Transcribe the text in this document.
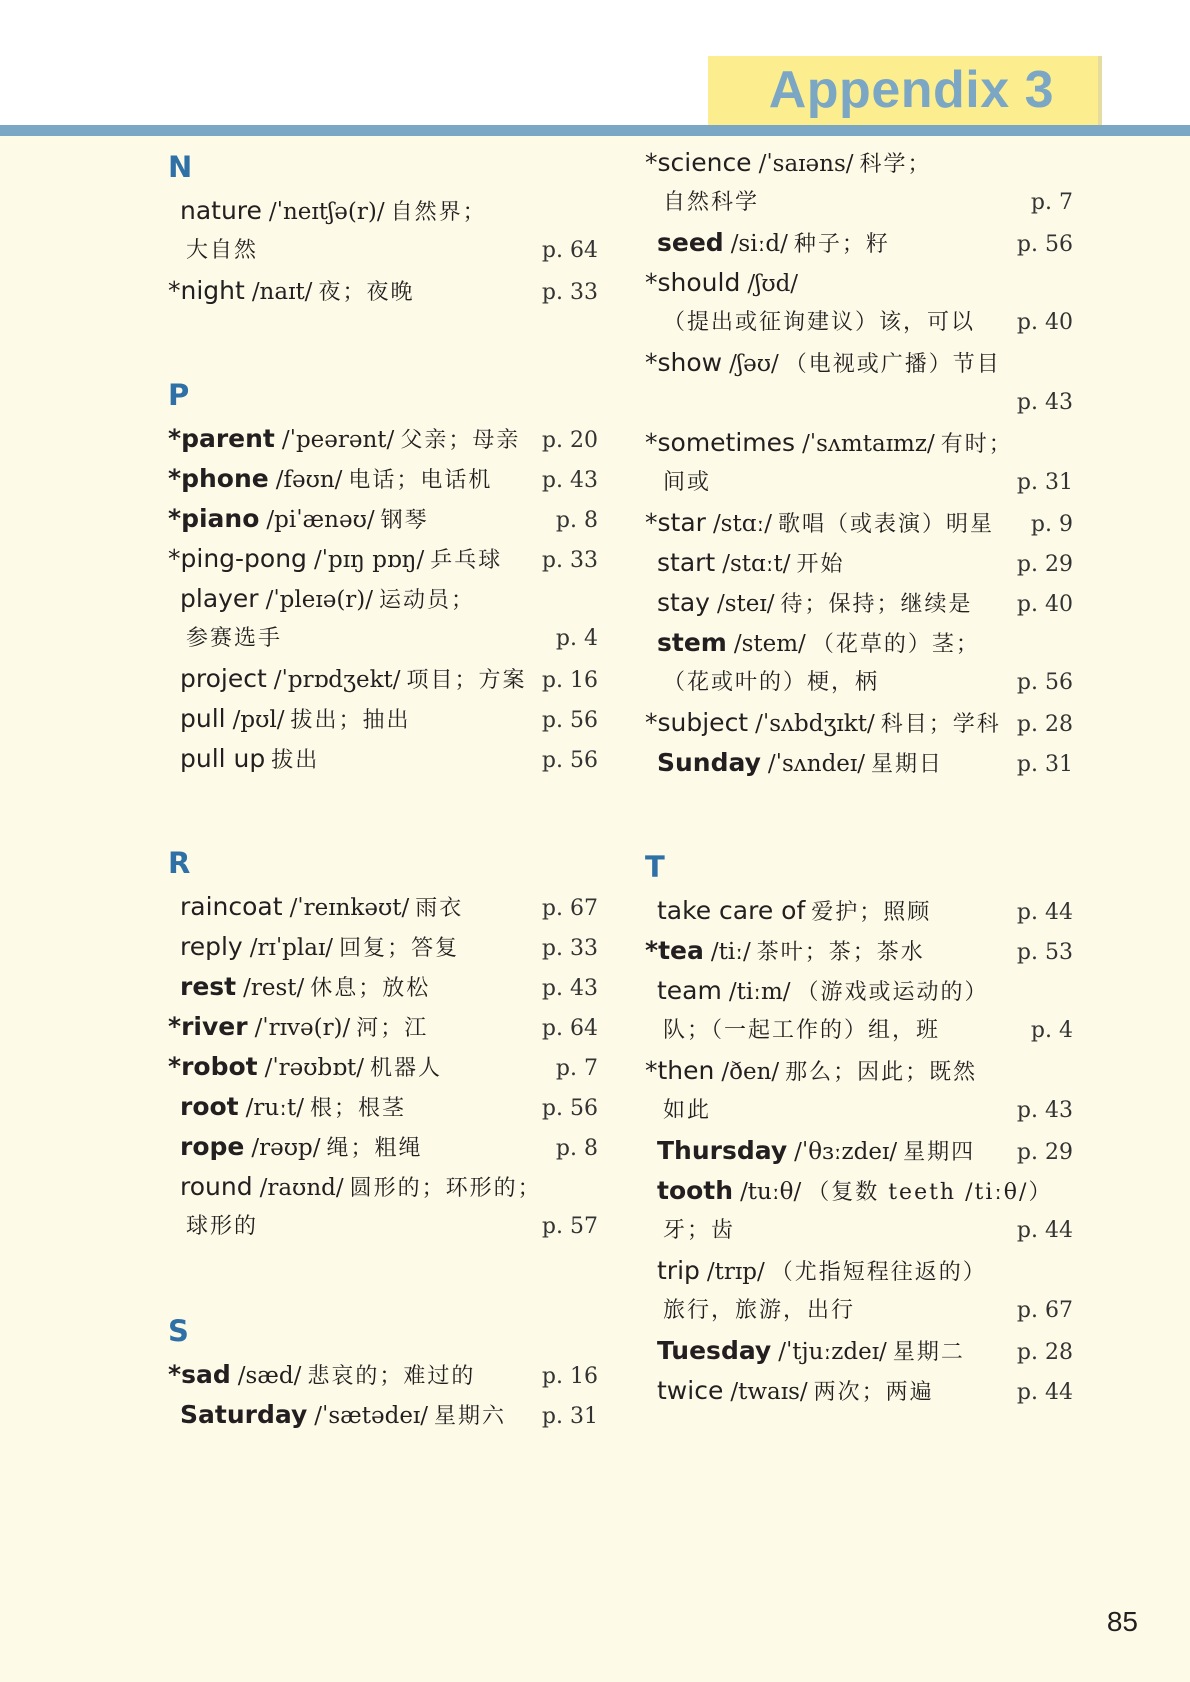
Appendix 3
N
nature /ˈneɪtʃə(r)/ 自然界；
大自然	p. 64
*night /naɪt/ 夜；夜晚	p. 33
P
*parent /ˈpeərənt/ 父亲；母亲 p. 20
*phone /fəʊn/ 电话；电话机 p. 43
*piano /piˈænəʊ/ 钢琴	p. 8
*ping-pong /ˈpɪŋ pɒŋ/ 乒乓球 p. 33
player /ˈpleɪə(r)/ 运动员；
参赛选手	p. 4
project /ˈprɒdʒekt/ 项目；方案 p. 16
pull /pʊl/ 拔出；抽出	p. 56
pull up 拔出	p. 56
R
raincoat /ˈreɪnkəʊt/ 雨衣	p. 67
reply /rɪˈplaɪ/ 回复；答复	p. 33
rest /rest/ 休息；放松	p. 43
*river /ˈrɪvə(r)/ 河；江	p. 64
*robot /ˈrəʊbɒt/ 机器人	p. 7
root /ruːt/ 根；根茎	p. 56
rope /rəʊp/ 绳；粗绳	p. 8
round /raʊnd/ 圆形的；环形的；
球形的	p. 57
S
*sad /sæd/ 悲哀的；难过的	p. 16
Saturday /ˈsætədeɪ/ 星期六 p. 31
*science /ˈsaɪəns/ 科学；
自然科学	p. 7
seed /siːd/ 种子；籽	p. 56
*should /ʃʊd/
（提出或征询建议）该，可以 p. 40
*show /ʃəʊ/ （电视或广播）节目
p. 43
*sometimes /ˈsʌmtaɪmz/ 有时；
间或	p. 31
*star /stɑː/ 歌唱（或表演）明星 p. 9
start /stɑːt/ 开始	p. 29
stay /steɪ/ 待；保持；继续是 p. 40
stem /stem/ （花草的）茎；
（花或叶的）梗，柄	p. 56
*subject /ˈsʌbdʒɪkt/ 科目；学科 p. 28
Sunday /ˈsʌndeɪ/ 星期日	p. 31
T
take care of 爱护；照顾	p. 44
*tea /tiː/ 茶叶；茶；茶水	p. 53
team /tiːm/ （游戏或运动的）
队；（一起工作的）组，班	p. 4
*then /ðen/ 那么；因此；既然
如此	p. 43
Thursday /ˈθɜːzdeɪ/ 星期四 p. 29
tooth /tuːθ/ （复数 teeth /tiːθ/）
牙；齿	p. 44
trip /trɪp/ （尤指短程往返的）
旅行，旅游，出行	p. 67
Tuesday /ˈtjuːzdeɪ/ 星期二 p. 28
twice /twaɪs/ 两次；两遍	p. 44
85
